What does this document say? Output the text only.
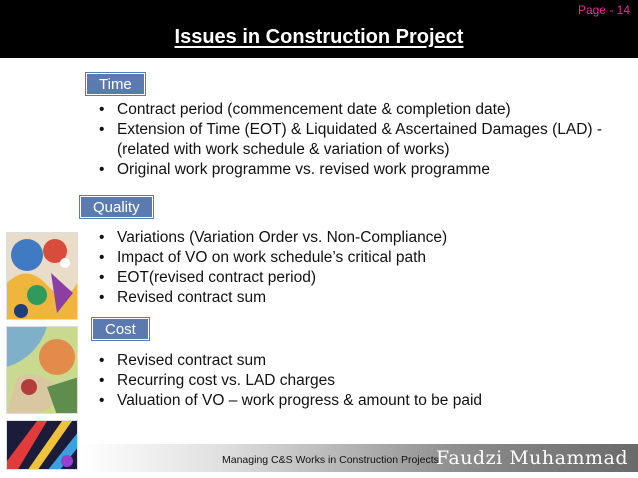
Page - 14
Issues in Construction Project
Time
• Contract period (commencement date & completion date)
• Extension of Time (EOT) & Liquidated & Ascertained Damages (LAD) - (related with work schedule & variation of works)
• Original work programme vs. revised work programme
Quality
• Variations (Variation Order vs. Non-Compliance)
• Impact of VO on work schedule’s critical path
• EOT(revised contract period)
• Revised contract sum
Cost
• Revised contract sum
• Recurring cost vs. LAD charges
• Valuation of VO – work progress & amount to be paid
Managing C&S Works in Construction Projects
Faudzi Muhammad
